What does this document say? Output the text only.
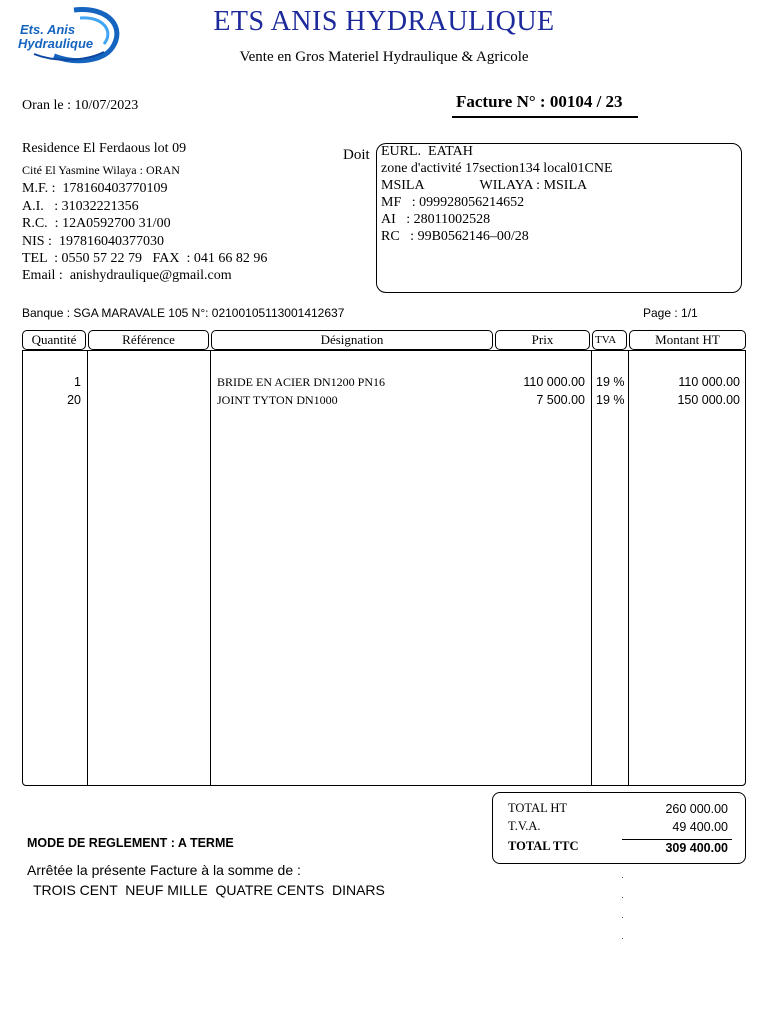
Ets. Anis
Hydraulique
ETS ANIS HYDRAULIQUE
Vente en Gros Materiel Hydraulique & Agricole
Oran le : 10/07/2023	Facture N° : 00104 / 23
Residence El Ferdaous lot 09
Cité El Yasmine Wilaya : ORAN
M.F. :  178160403770109
A.I.   : 31032221356
R.C.  : 12A0592700 31/00
NIS :  197816040377030
TEL  : 0550 57 22 79   FAX  : 041 66 82 96
Email :  anishydraulique@gmail.com
Doit EURL.  EATAH
zone d'activité 17section134 local01CNE
MSILA                WILAYA : MSILA
MF   : 099928056214652
AI   : 28011002528
RC   : 99B0562146–00/28
Banque : SGA MARAVALE 105 N°: 02100105113001412637	Page : 1/1
Quantité	Référence	Désignation	Prix	TVA	Montant HT
1	BRIDE EN ACIER DN1200 PN16	110 000.00 19 %	110 000.00
20	JOINT TYTON DN1000	7 500.00 19 %	150 000.00
TOTAL HT	260 000.00
T.V.A.	49 400.00
TOTAL TTC	309 400.00
MODE DE REGLEMENT : A TERME
Arrêtée la présente Facture à la somme de :
TROIS CENT  NEUF MILLE  QUATRE CENTS  DINARS
